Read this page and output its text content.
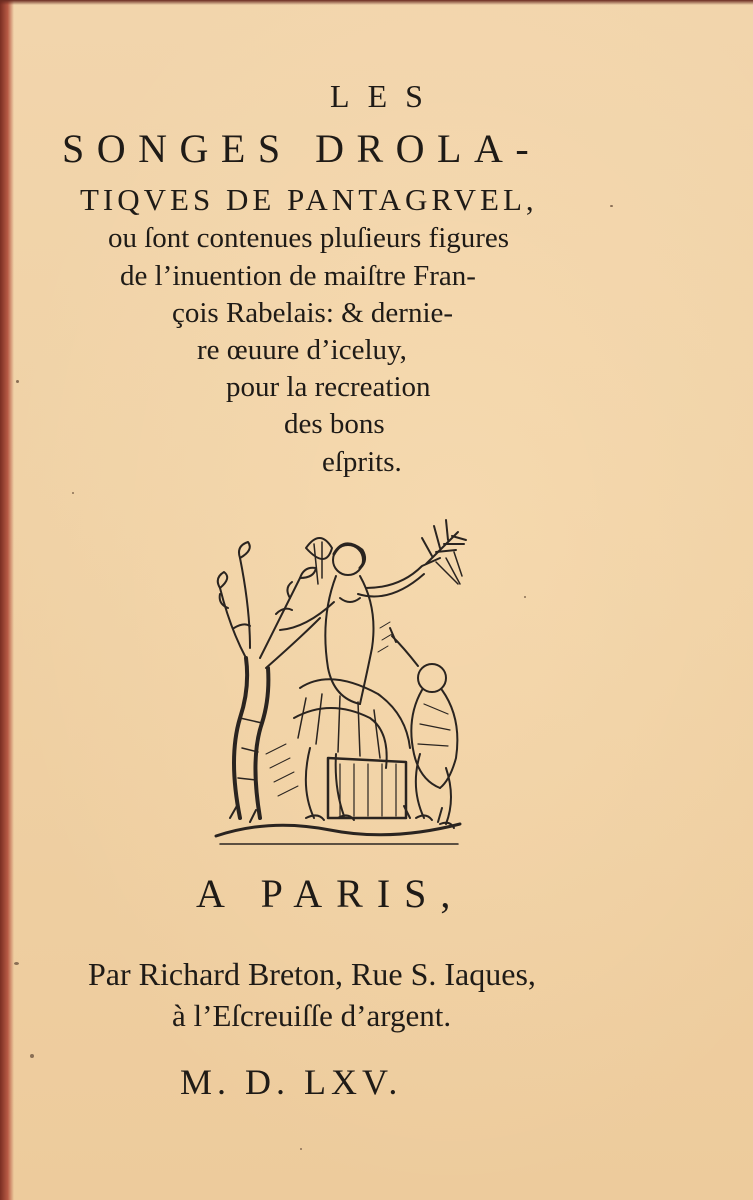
LES
SONGES DROLA-
TIQVES DE PANTAGRVEL,
ou ſont contenues pluſieurs figures
de l’inuention de maiſtre Fran-
çois Rabelais: & dernie-
re œuure d’iceluy,
pour la recreation
des bons
eſprits.
A PARIS,
Par Richard Breton, Rue S. Iaques,
à l’Eſcreuiſſe d’argent.
M. D. LXV.
